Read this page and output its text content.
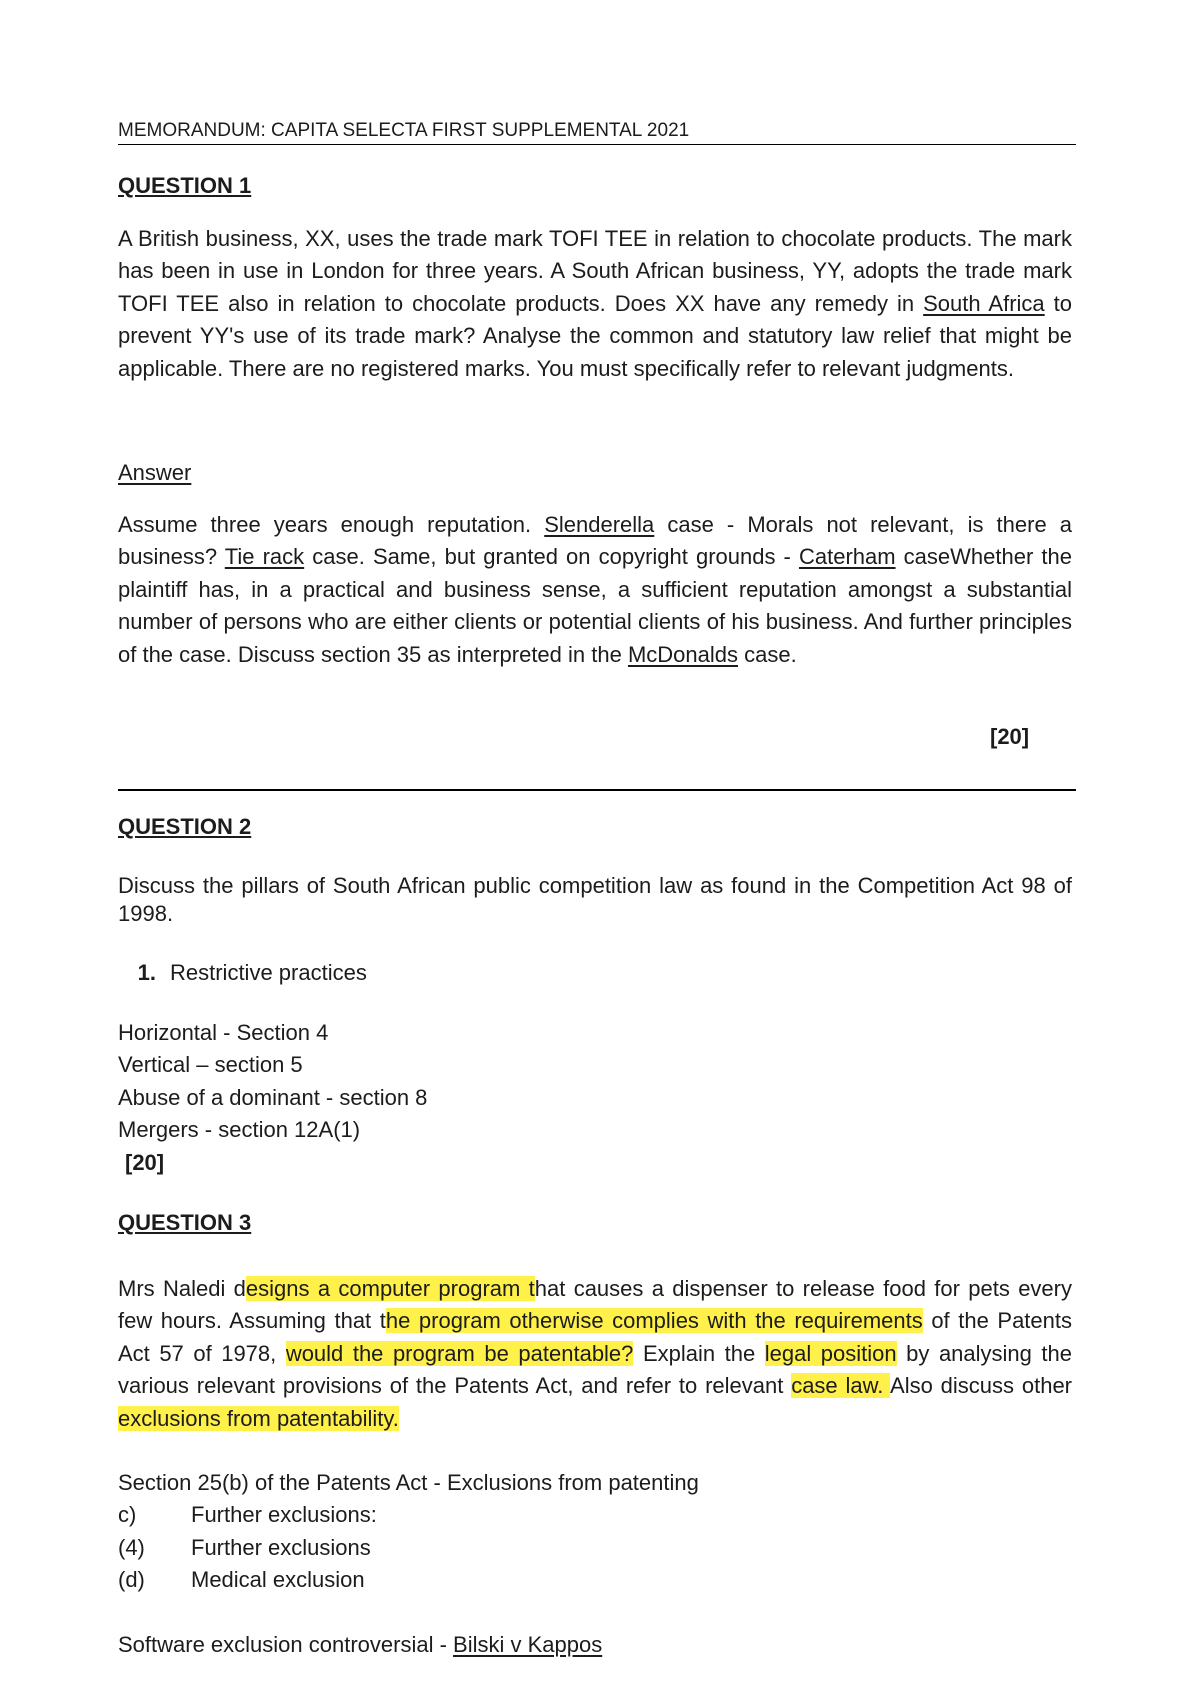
MEMORANDUM: CAPITA SELECTA FIRST SUPPLEMENTAL 2021
QUESTION 1
A British business, XX, uses the trade mark TOFI TEE in relation to chocolate products. The mark has been in use in London for three years. A South African business, YY, adopts the trade mark TOFI TEE also in relation to chocolate products. Does XX have any remedy in South Africa to prevent YY's use of its trade mark? Analyse the common and statutory law relief that might be applicable. There are no registered marks. You must specifically refer to relevant judgments.
Answer
Assume three years enough reputation. Slenderella case - Morals not relevant, is there a business? Tie rack case. Same, but granted on copyright grounds - Caterham caseWhether the plaintiff has, in a practical and business sense, a sufficient reputation amongst a substantial number of persons who are either clients or potential clients of his business. And further principles of the case. Discuss section 35 as interpreted in the McDonalds case.
[20]
QUESTION 2
Discuss the pillars of South African public competition law as found in the Competition Act 98 of 1998.
1. Restrictive practices
Horizontal - Section 4
Vertical – section 5
Abuse of a dominant - section 8
Mergers - section 12A(1)
[20]
QUESTION 3
Mrs Naledi designs a computer program that causes a dispenser to release food for pets every few hours. Assuming that the program otherwise complies with the requirements of the Patents Act 57 of 1978, would the program be patentable? Explain the legal position by analysing the various relevant provisions of the Patents Act, and refer to relevant case law. Also discuss other exclusions from patentability.
Section 25(b) of the Patents Act - Exclusions from patenting
c) Further exclusions:
(4) Further exclusions
(d) Medical exclusion
Software exclusion controversial - Bilski v Kappos
